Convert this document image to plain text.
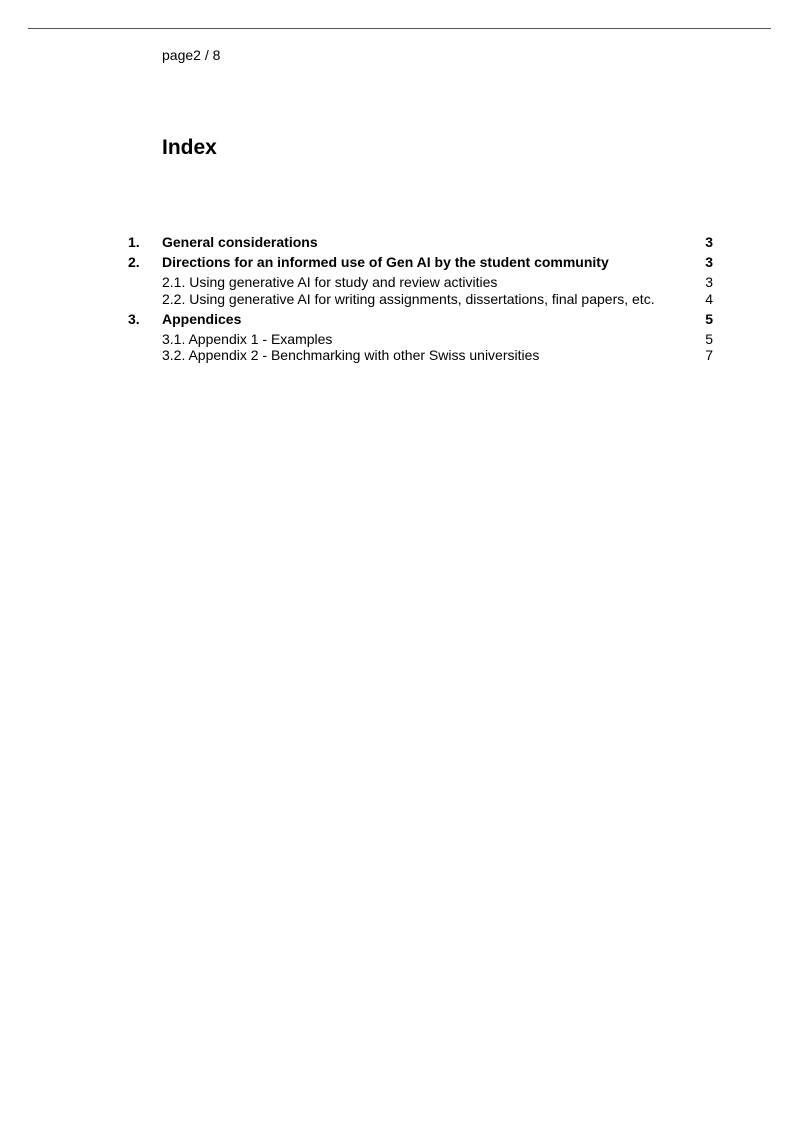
page2 / 8
Index
1. General considerations	3
2. Directions for an informed use of Gen AI by the student community	3
2.1. Using generative AI for study and review activities	3
2.2. Using generative AI for writing assignments, dissertations, final papers, etc.	4
3. Appendices	5
3.1. Appendix 1 - Examples	5
3.2. Appendix 2 - Benchmarking with other Swiss universities	7
